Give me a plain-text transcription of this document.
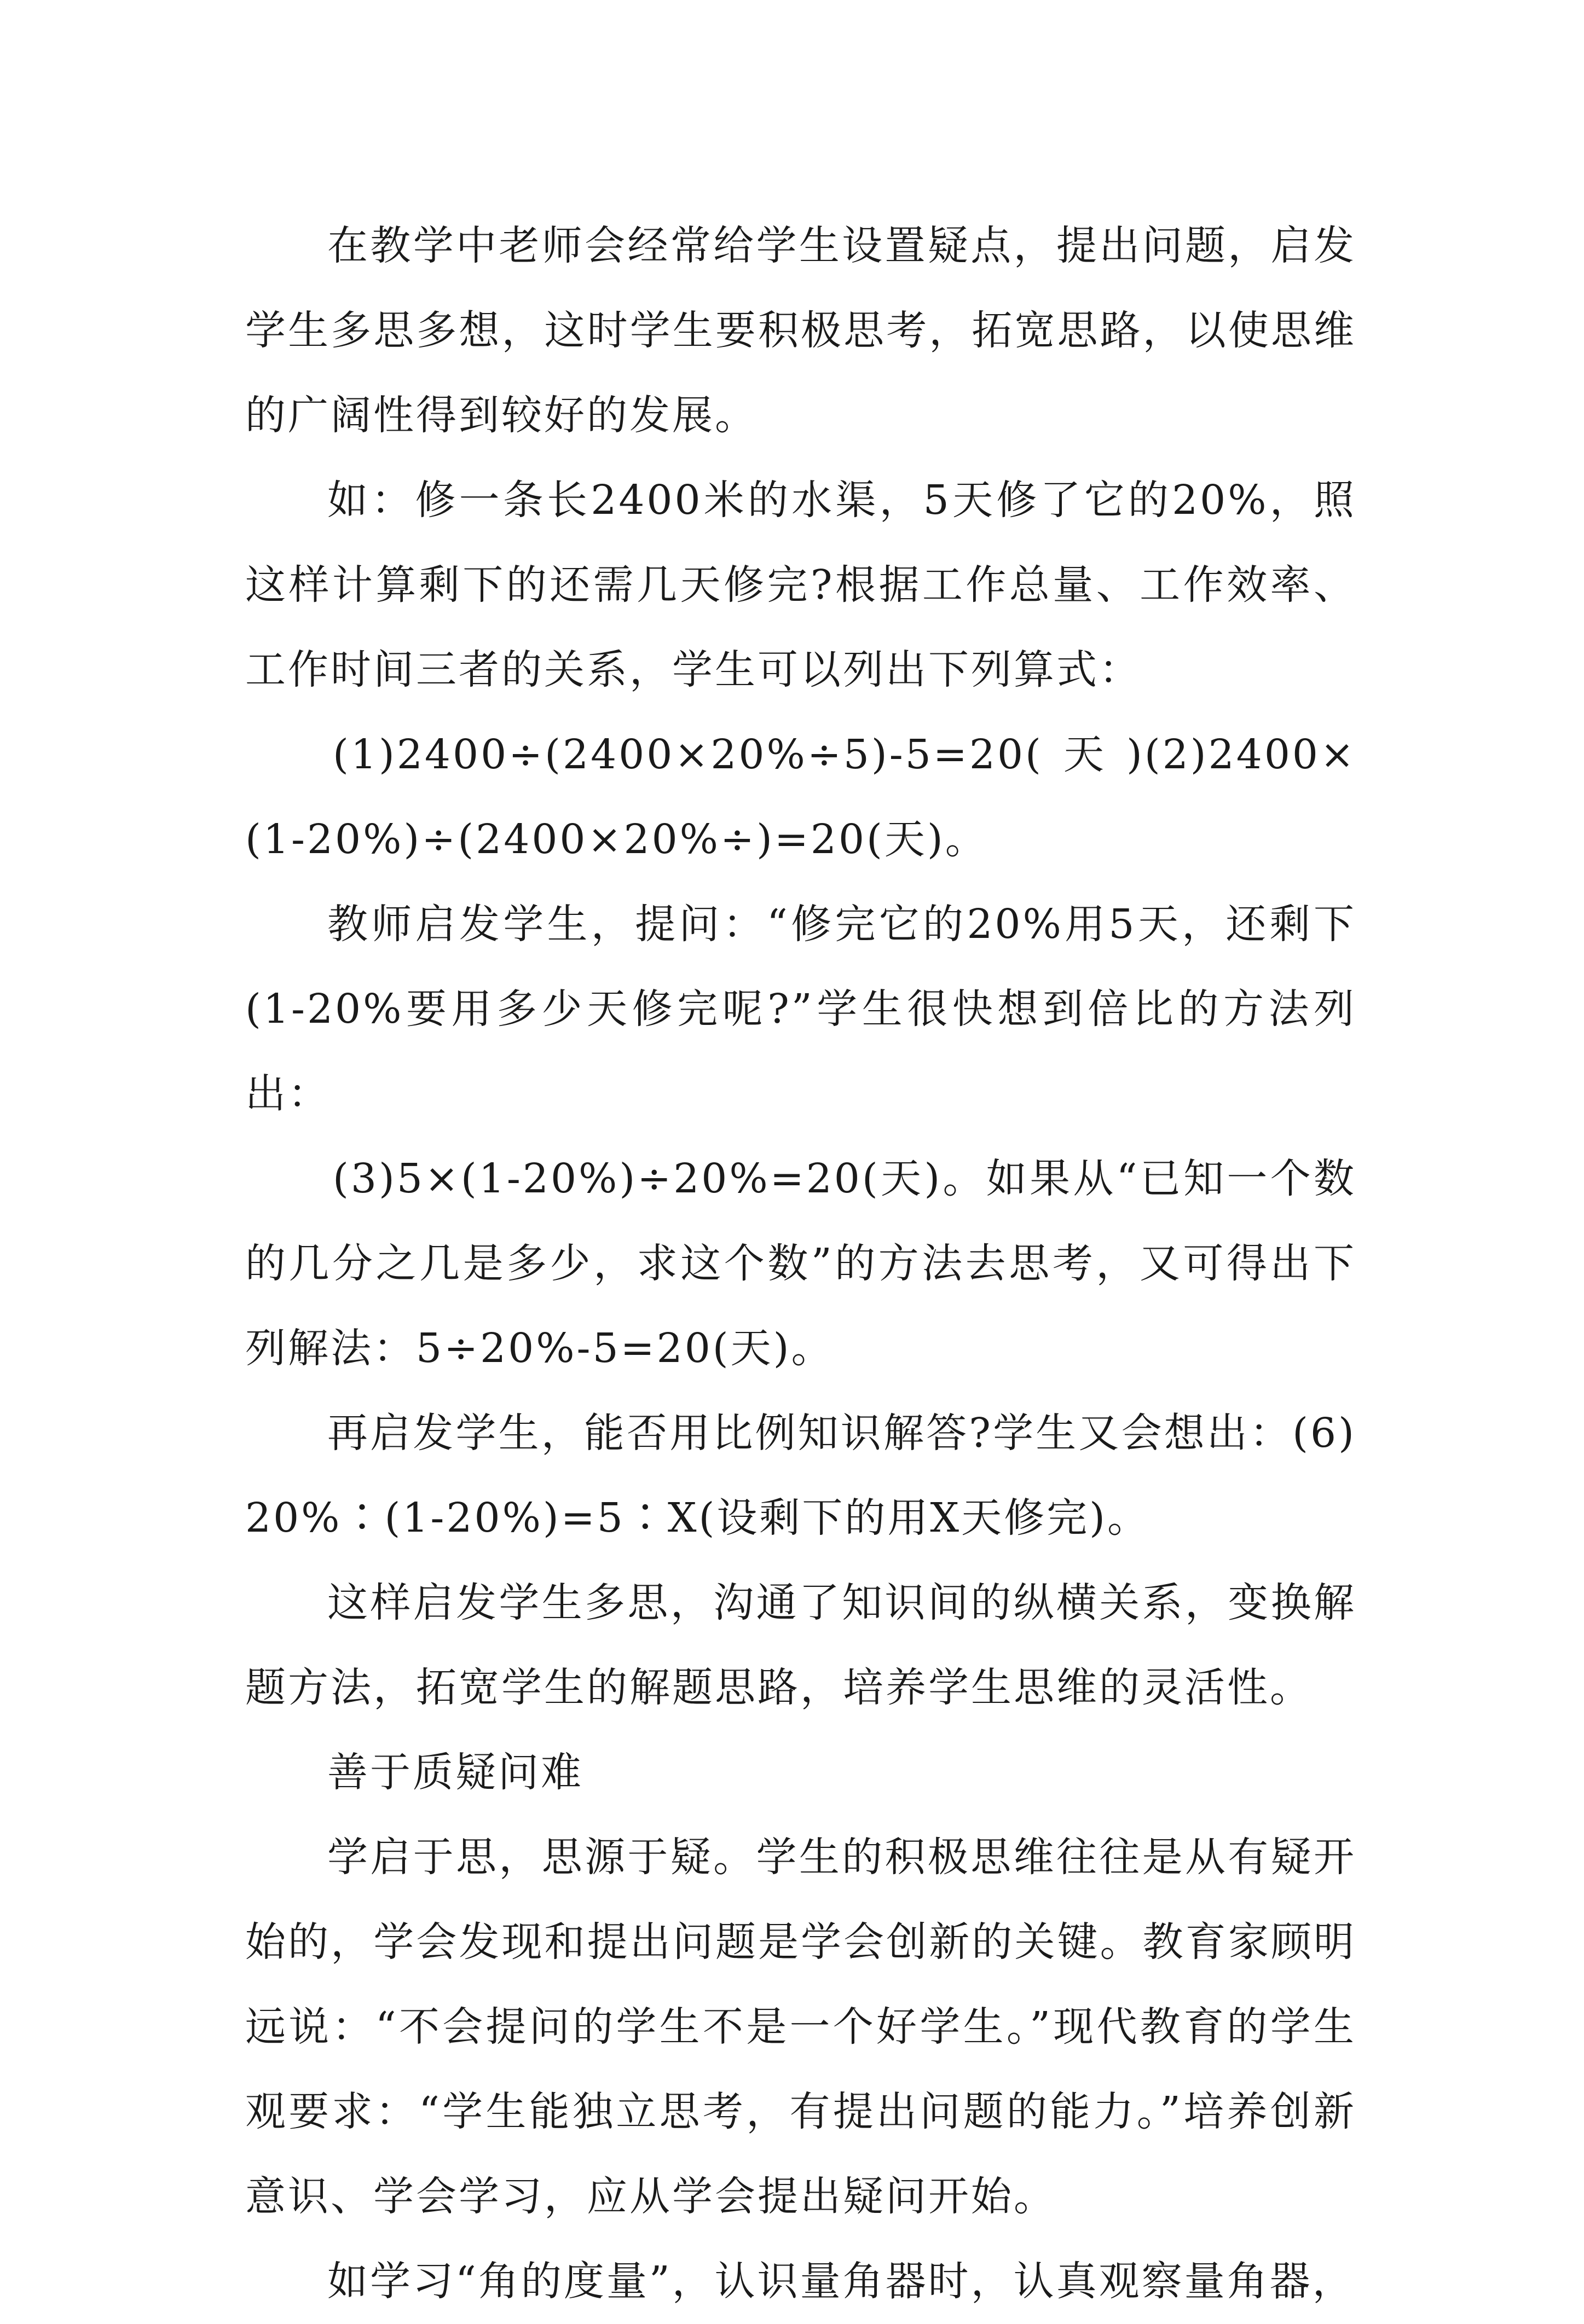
在教学中老师会经常给学生设置疑点，提出问题，启发学生多思多想，这时学生要积极思考，拓宽思路，以使思维的广阔性得到较好的发展。

如：修一条长2400米的水渠，5天修了它的20%，照这样计算剩下的还需几天修完?根据工作总量、工作效率、工作时间三者的关系，学生可以列出下列算式：

(1)2400÷(2400×20%÷5)-5=20(天)(2)2400×(1-20%)÷(2400×20%÷)=20(天)。

教师启发学生，提问：“修完它的20%用5天，还剩下(1-20%要用多少天修完呢?”学生很快想到倍比的方法列出：

(3)5×(1-20%)÷20%=20(天)。如果从“已知一个数的几分之几是多少，求这个数”的方法去思考，又可得出下列解法：5÷20%-5=20(天)。

再启发学生，能否用比例知识解答?学生又会想出：(6)20%∶(1-20%)=5∶X(设剩下的用X天修完)。

这样启发学生多思，沟通了知识间的纵横关系，变换解题方法，拓宽学生的解题思路，培养学生思维的灵活性。

善于质疑问难

学启于思，思源于疑。学生的积极思维往往是从有疑开始的，学会发现和提出问题是学会创新的关键。教育家顾明远说：“不会提问的学生不是一个好学生。”现代教育的学生观要求：“学生能独立思考，有提出问题的能力。”培养创新意识、学会学习，应从学会提出疑问开始。

如学习“角的度量”，认识量角器时，认真观察量角器，
